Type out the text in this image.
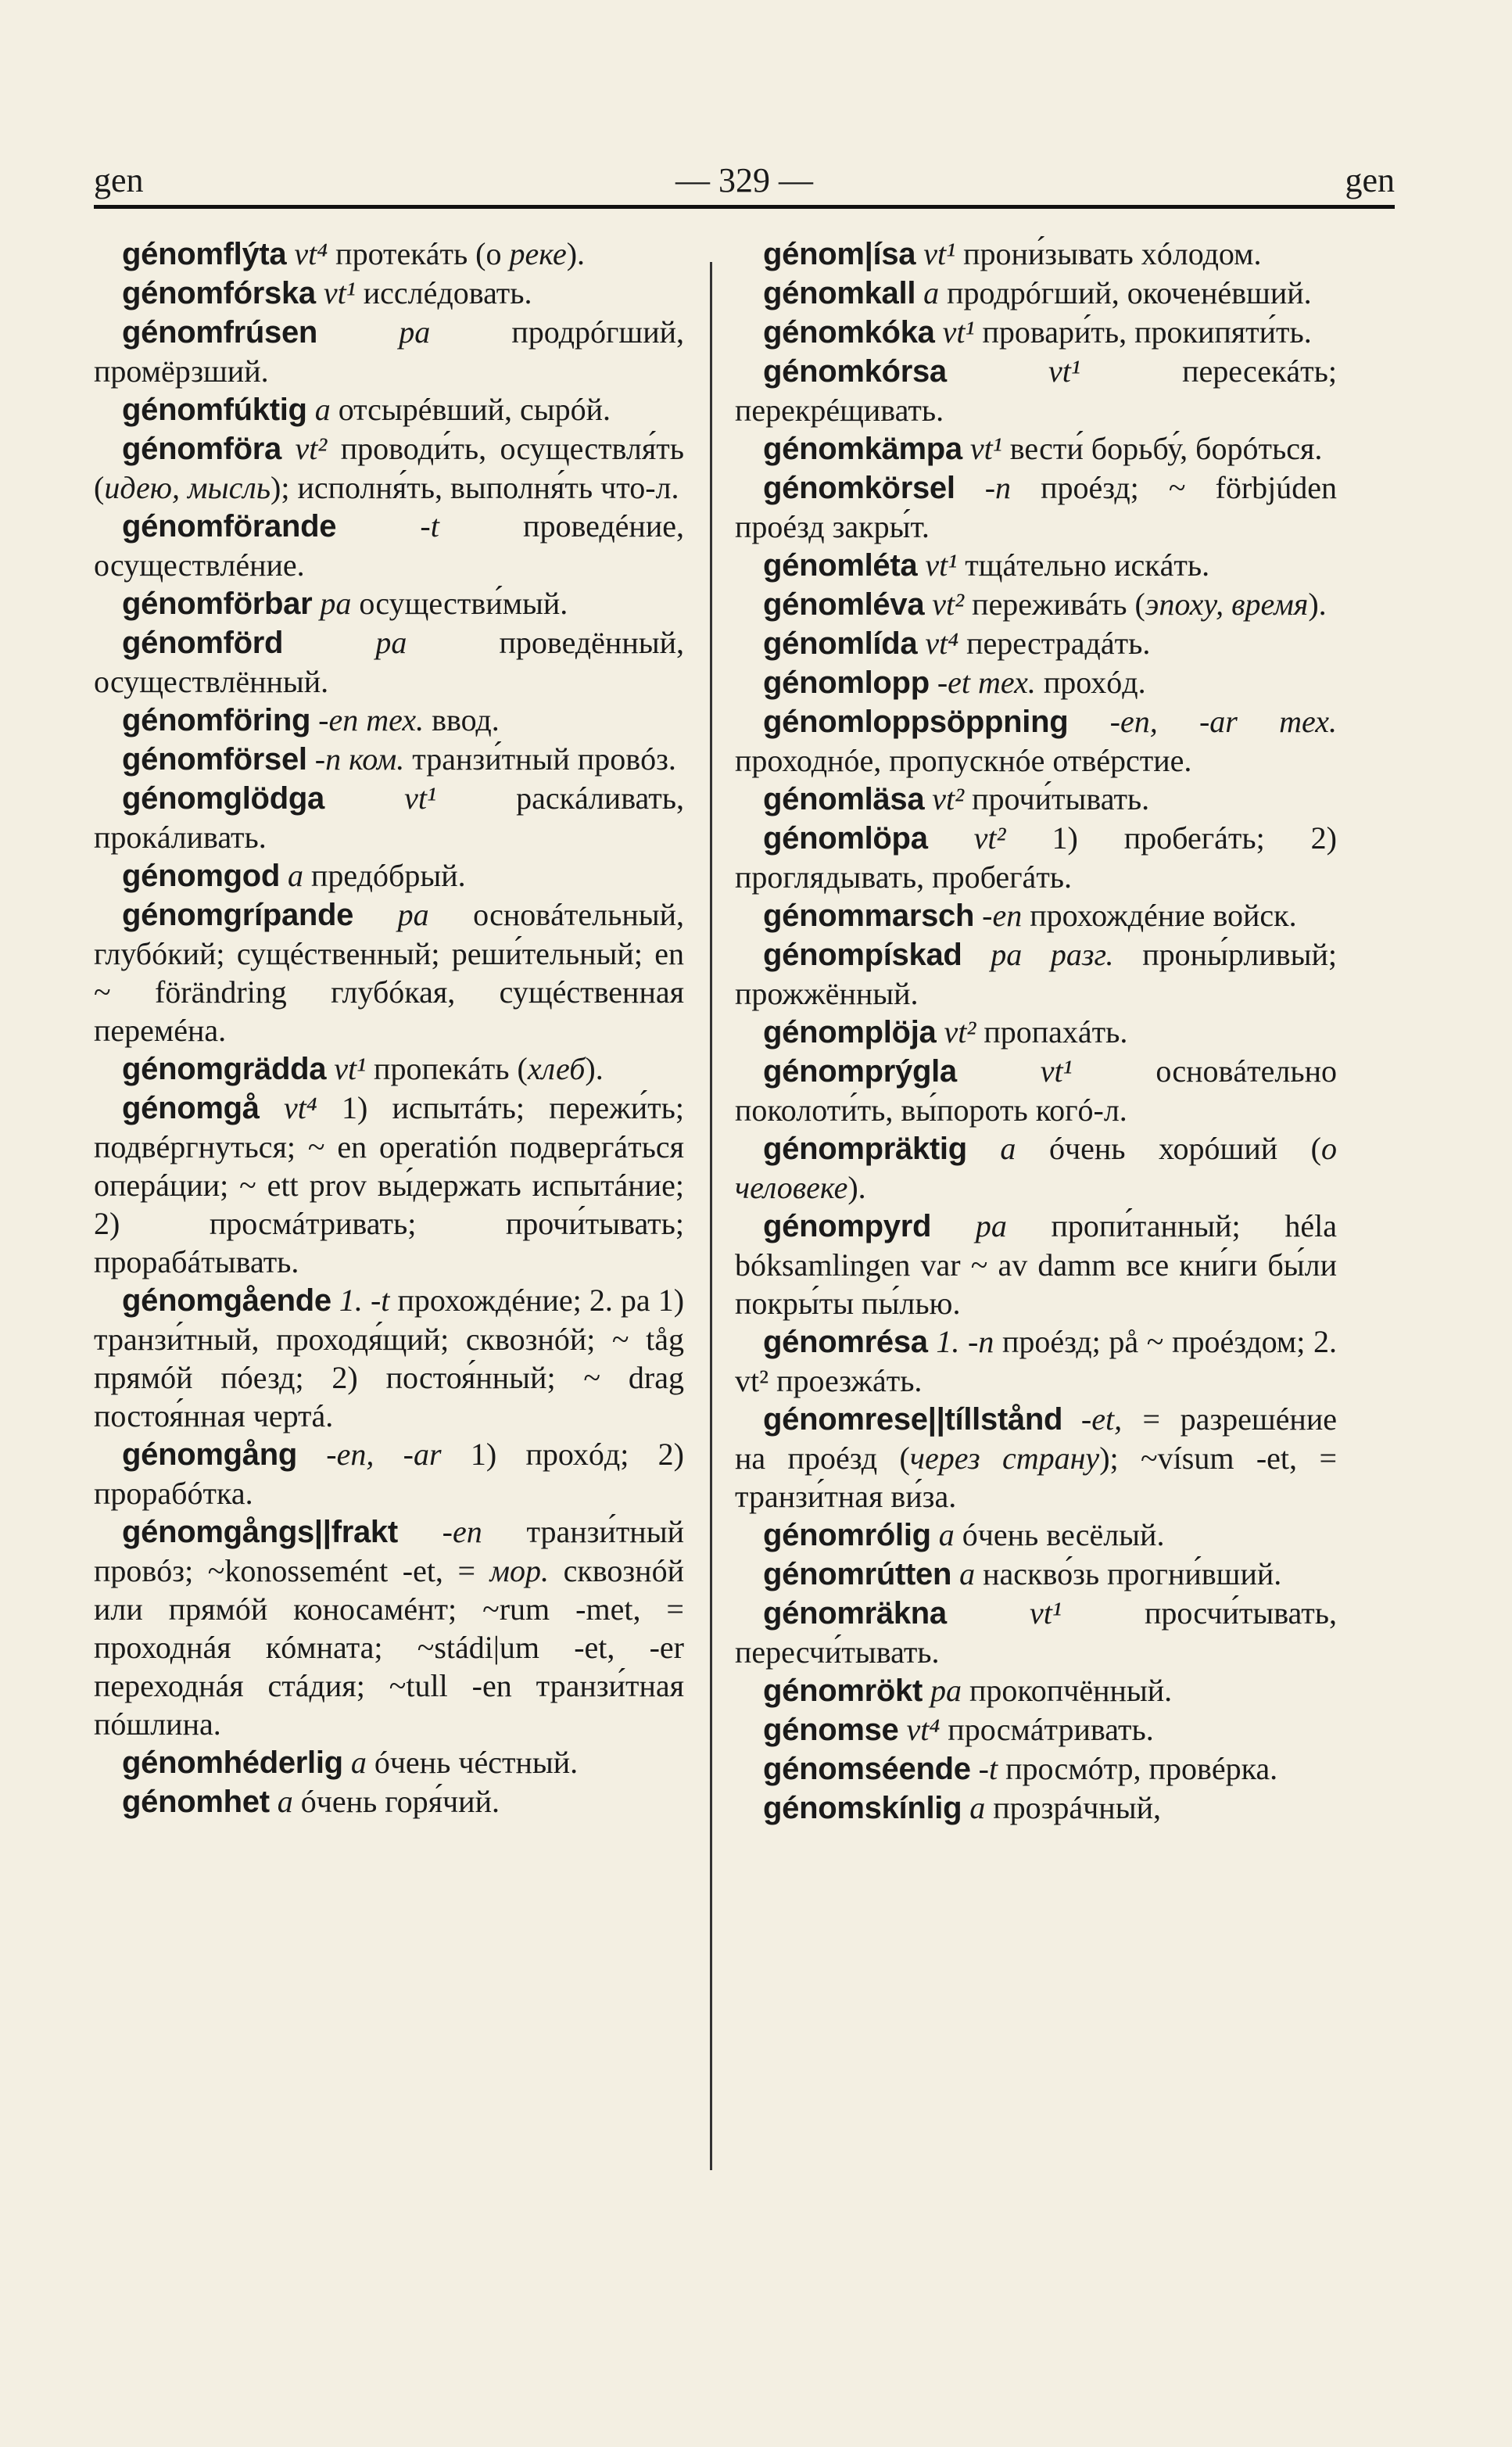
gen	— 329 —	gen

génomflýta vt⁴ протекáть (о реке).

génomfórska vt¹ исслéдовать.

génomfrúsen	pa продрóгший, промёрзший.

génomfúktig a отсырéвший, сырóй.

génomföra vt² проводи́ть, осуществля́ть (идею, мысль); исполня́ть, выполня́ть что-л.

génomförande	-t проведéние, осуществлéние.

génomförbar pa осуществи́мый.

génomförd	pa проведённый, осуществлённый.

génomföring -en тех. ввод.

génomförsel -n ком. транзи́тный провóз.

génomglödga	vt¹ раскáливать, прокáливать.

génomgod a предóбрый.

génomgrípande pa основáтельный, глубóкий; сущéственный; реши́тельный; en ~ förändring глубóкая, сущéственная перемéна.

génomgrädda vt¹ пропекáть (хлеб).

génomgå vt⁴ 1) испытáть; пережи́ть; подвéргнуться; ~ en operatión подвергáться оперáции; ~ ett prov вы́держать испытáние; 2) просмáтривать; прочи́тывать; прорабáтывать.

génomgående 1. -t прохождéние; 2. pa 1) транзи́тный, проходя́щий; сквознóй; ~ tåg прямóй пóезд; 2) постоя́нный; ~ drag постоя́нная чертá.

génomgång -en, -ar 1) прохóд; 2) прорабóтка.

génomgångs||frakt -en транзи́тный провóз; ~konossemént -et, = мор. сквознóй или прямóй коносамéнт; ~rum -met, = проходнáя кóмната; ~stádi|um -et, -er переходнáя стáдия; ~tull -en транзи́тная пóшлина.

génomhéderlig a óчень чéстный.

génomhet a óчень горя́чий.

génom|ísa vt¹ прони́зывать хóлодом.

génomkall a продрóгший, окоченéвший.

génomkóka vt¹ провари́ть, прокипяти́ть.

génomkórsa	vt¹ пересекáть; перекрéщивать.

génomkämpa vt¹ вести́ борьбу́, борóться.

génomkörsel -n проéзд; ~ förbjúden проéзд закры́т.

génomléta vt¹ тщáтельно искáть.

génomléva vt² переживáть (эпоху, время).

génomlída vt⁴ перестрадáть.

génomlopp -et тех. прохóд.

génomloppsöppning -en, -ar тех. проходнóе, пропускнóе отвéрстие.

génomläsa vt² прочи́тывать.

génomlöpa vt² 1) пробегáть; 2) проглядывать, пробегáть.

génommarsch -en прохождéние войск.

génompískad pa разг. проны́рливый; прожжённый.

génomplöja vt² пропахáть.

génomprýgla	vt¹ основáтельно поколоти́ть, вы́пороть когó-л.

génompräktig a óчень хорóший (о человеке).

génompyrd pa пропи́танный; héla bóksamlingen var ~ av damm все кни́ги бы́ли покры́ты пы́лью.

génomrésa 1. -n проéзд; på ~ проéздом; 2. vt² проезжáть.

génomrese||tíllstånd -et, = разрешéние на проéзд (через страну); ~vísum -et, = транзи́тная ви́за.

génomrólig a óчень весёлый.

génomrútten a наскво́зь прогни́вший.

génomräkna	vt¹ просчи́тывать, пересчи́тывать.

génomrökt pa прокопчённый.

génomse vt⁴ просмáтривать.

génomséende -t просмóтр, провéрка.

génomskínlig a прозрáчный,
